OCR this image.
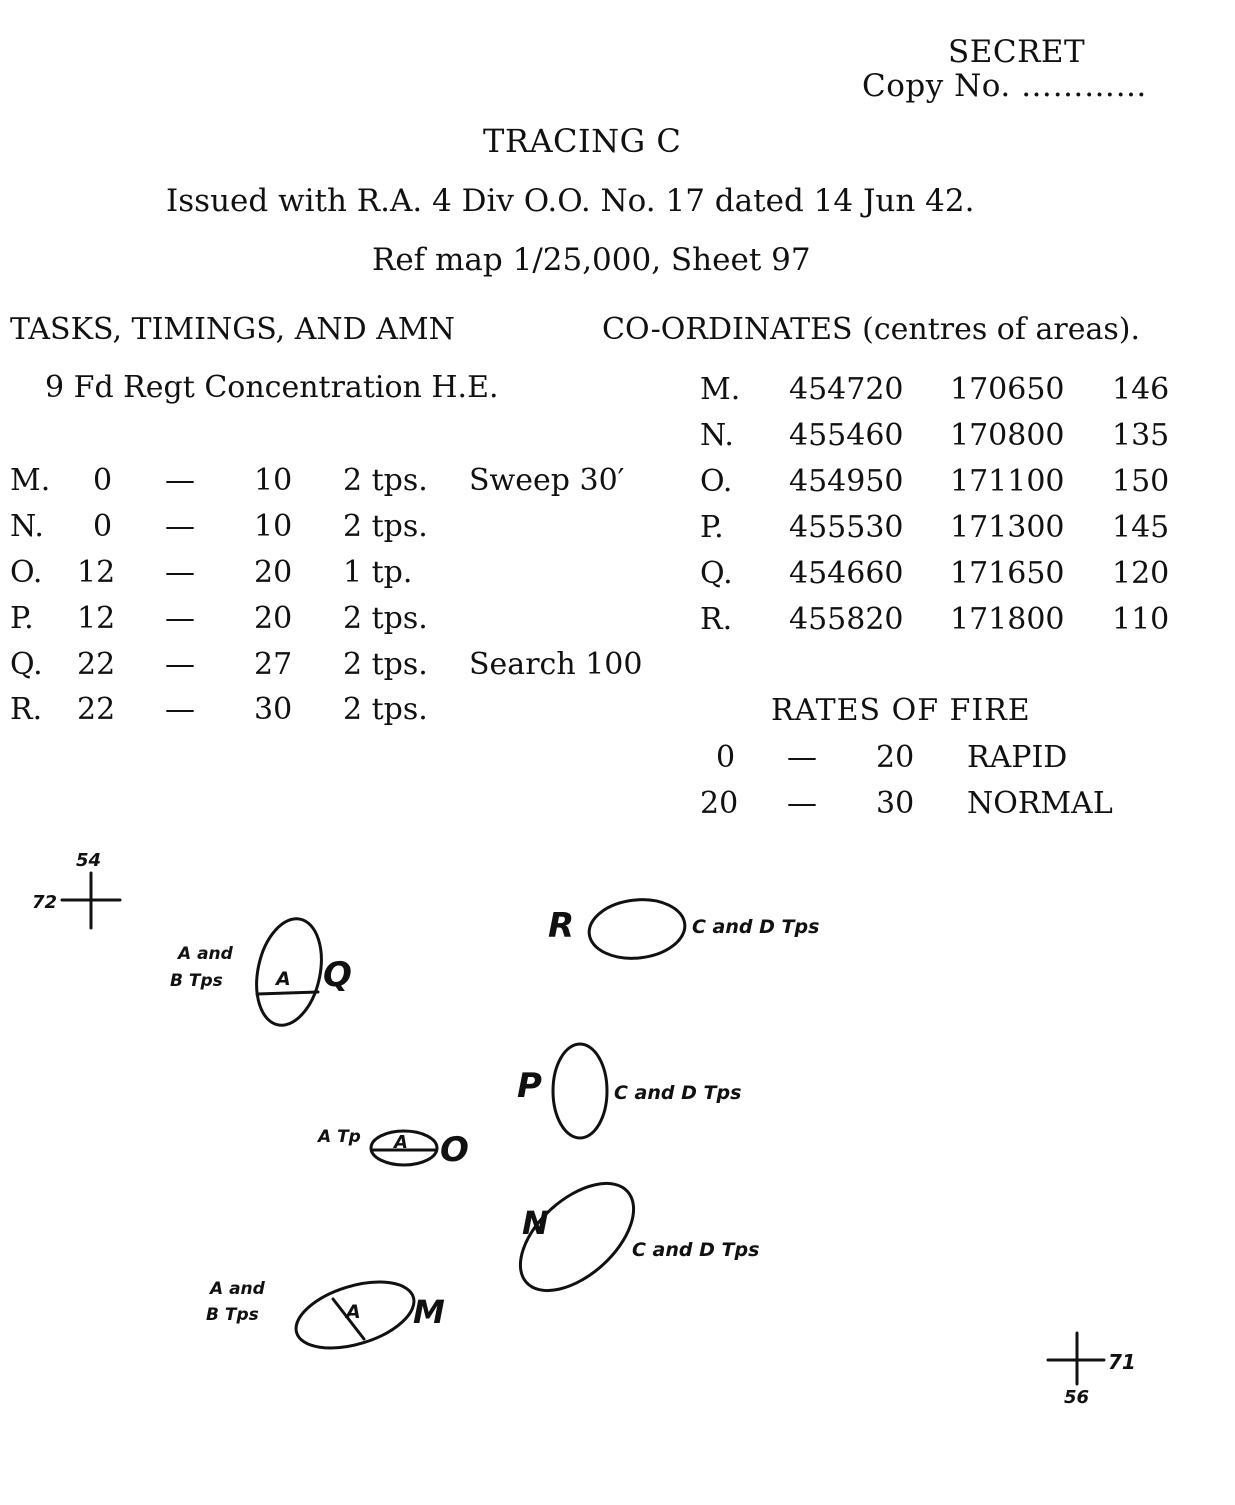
SECRET
Copy No. …………
TRACING C
Issued with R.A. 4 Div O.O. No. 17 dated 14 Jun 42.
Ref map 1/25,000, Sheet 97
TASKS, TIMINGS, AND AMN
9 Fd Regt Concentration H.E.
M. 0 — 10 2 tps. Sweep 30′
N. 0 — 10 2 tps.
O. 12 — 20 1 tp.
P. 12 — 20 2 tps.
Q. 22 — 27 2 tps. Search 100
R. 22 — 30 2 tps.
CO-ORDINATES (centres of areas).
M. 454720 170650 146
N. 455460 170800 135
O. 454950 171100 150
P. 455530 171300 145
Q. 454660 171650 120
R. 455820 171800 110
RATES OF FIRE
0 — 20 RAPID
20 — 30 NORMAL
54
72
71
56
R	C and D Tps
A and
B Tps	A Q
P	C and D Tps
A Tp A O
N
C and D Tps
A and
B Tps	A M
